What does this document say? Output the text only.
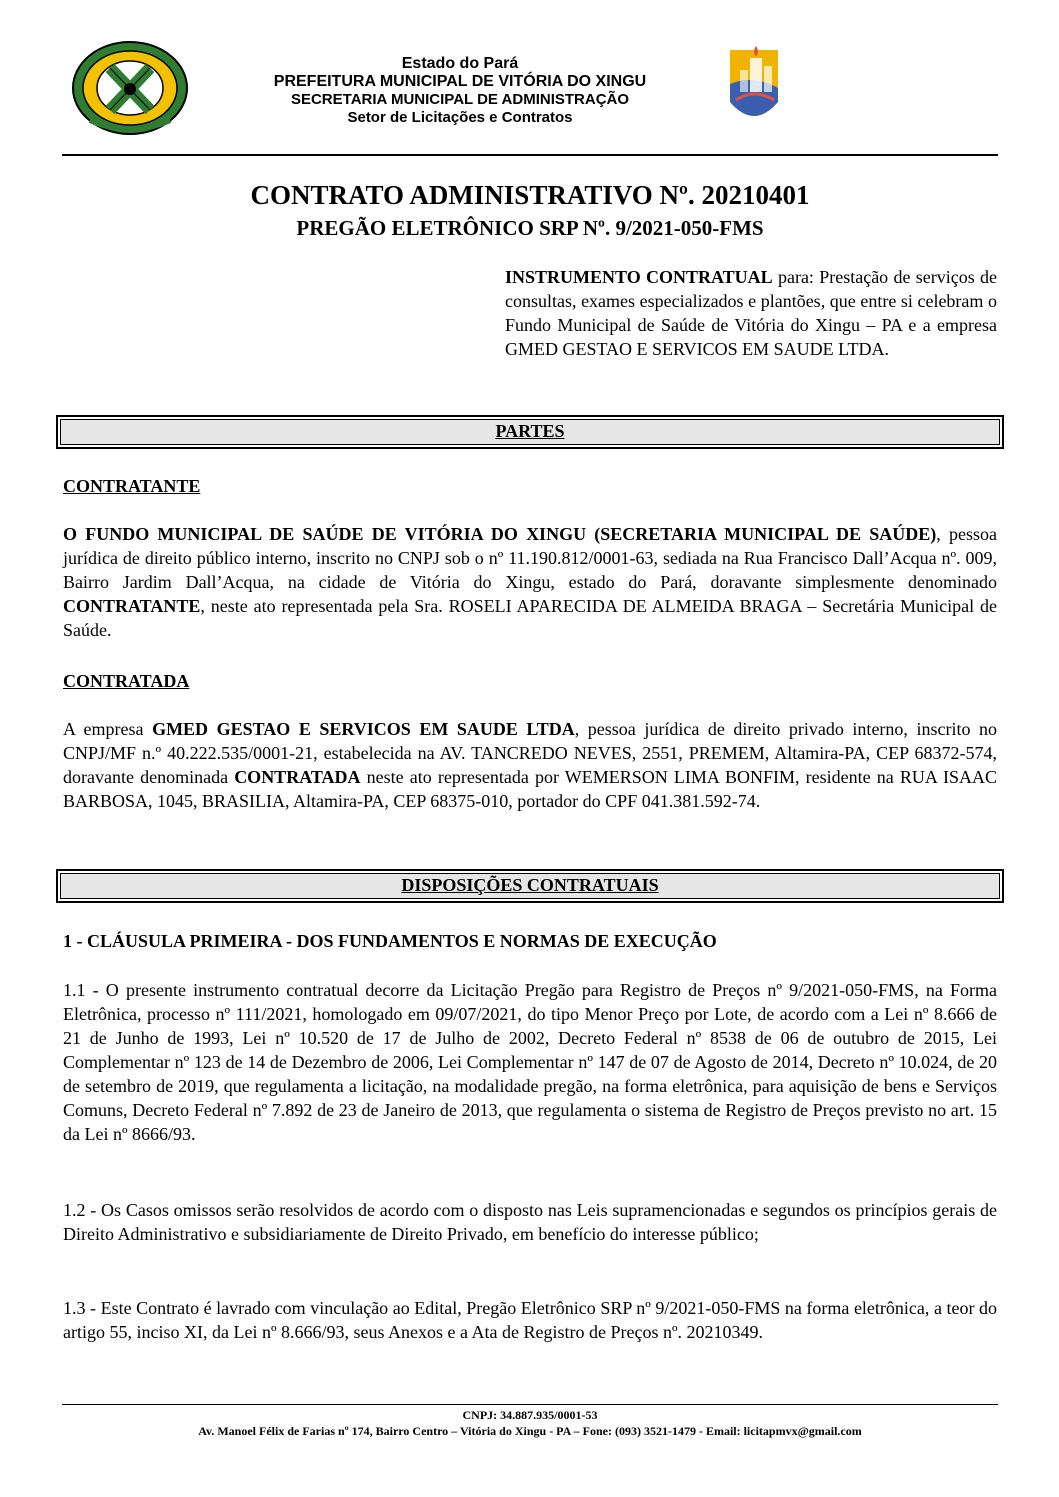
Estado do Pará
PREFEITURA MUNICIPAL DE VITÓRIA DO XINGU
SECRETARIA MUNICIPAL DE ADMINISTRAÇÃO
Setor de Licitações e Contratos
CONTRATO ADMINISTRATIVO Nº. 20210401
PREGÃO ELETRÔNICO SRP Nº. 9/2021-050-FMS
INSTRUMENTO CONTRATUAL para: Prestação de serviços de consultas, exames especializados e plantões, que entre si celebram o Fundo Municipal de Saúde de Vitória do Xingu – PA e a empresa GMED GESTAO E SERVICOS EM SAUDE LTDA.
PARTES
CONTRATANTE
O FUNDO MUNICIPAL DE SAÚDE DE VITÓRIA DO XINGU (SECRETARIA MUNICIPAL DE SAÚDE), pessoa jurídica de direito público interno, inscrito no CNPJ sob o nº 11.190.812/0001-63, sediada na Rua Francisco Dall’Acqua nº. 009, Bairro Jardim Dall’Acqua, na cidade de Vitória do Xingu, estado do Pará, doravante simplesmente denominado CONTRATANTE, neste ato representada pela Sra. ROSELI APARECIDA DE ALMEIDA BRAGA – Secretária Municipal de Saúde.
CONTRATADA
A empresa GMED GESTAO E SERVICOS EM SAUDE LTDA, pessoa jurídica de direito privado interno, inscrito no CNPJ/MF n.º 40.222.535/0001-21, estabelecida na AV. TANCREDO NEVES, 2551, PREMEM, Altamira-PA, CEP 68372-574, doravante denominada CONTRATADA neste ato representada por WEMERSON LIMA BONFIM, residente na RUA ISAAC BARBOSA, 1045, BRASILIA, Altamira-PA, CEP 68375-010, portador do CPF 041.381.592-74.
DISPOSIÇÕES CONTRATUAIS
1 - CLÁUSULA PRIMEIRA - DOS FUNDAMENTOS E NORMAS DE EXECUÇÃO
1.1 - O presente instrumento contratual decorre da Licitação Pregão para Registro de Preços nº 9/2021-050-FMS, na Forma Eletrônica, processo nº 111/2021, homologado em 09/07/2021, do tipo Menor Preço por Lote, de acordo com a Lei nº 8.666 de 21 de Junho de 1993, Lei nº 10.520 de 17 de Julho de 2002, Decreto Federal nº 8538 de 06 de outubro de 2015, Lei Complementar nº 123 de 14 de Dezembro de 2006, Lei Complementar nº 147 de 07 de Agosto de 2014, Decreto nº 10.024, de 20 de setembro de 2019, que regulamenta a licitação, na modalidade pregão, na forma eletrônica, para aquisição de bens e Serviços Comuns, Decreto Federal nº 7.892 de 23 de Janeiro de 2013, que regulamenta o sistema de Registro de Preços previsto no art. 15 da Lei nº 8666/93.
1.2 - Os Casos omissos serão resolvidos de acordo com o disposto nas Leis supramencionadas e segundos os princípios gerais de Direito Administrativo e subsidiariamente de Direito Privado, em benefício do interesse público;
1.3 - Este Contrato é lavrado com vinculação ao Edital, Pregão Eletrônico SRP nº 9/2021-050-FMS na forma eletrônica, a teor do artigo 55, inciso XI, da Lei nº 8.666/93, seus Anexos e a Ata de Registro de Preços nº. 20210349.
CNPJ: 34.887.935/0001-53
Av. Manoel Félix de Farias nº 174, Bairro Centro – Vitória do Xingu - PA – Fone: (093) 3521-1479 - Email: licitapmvx@gmail.com
